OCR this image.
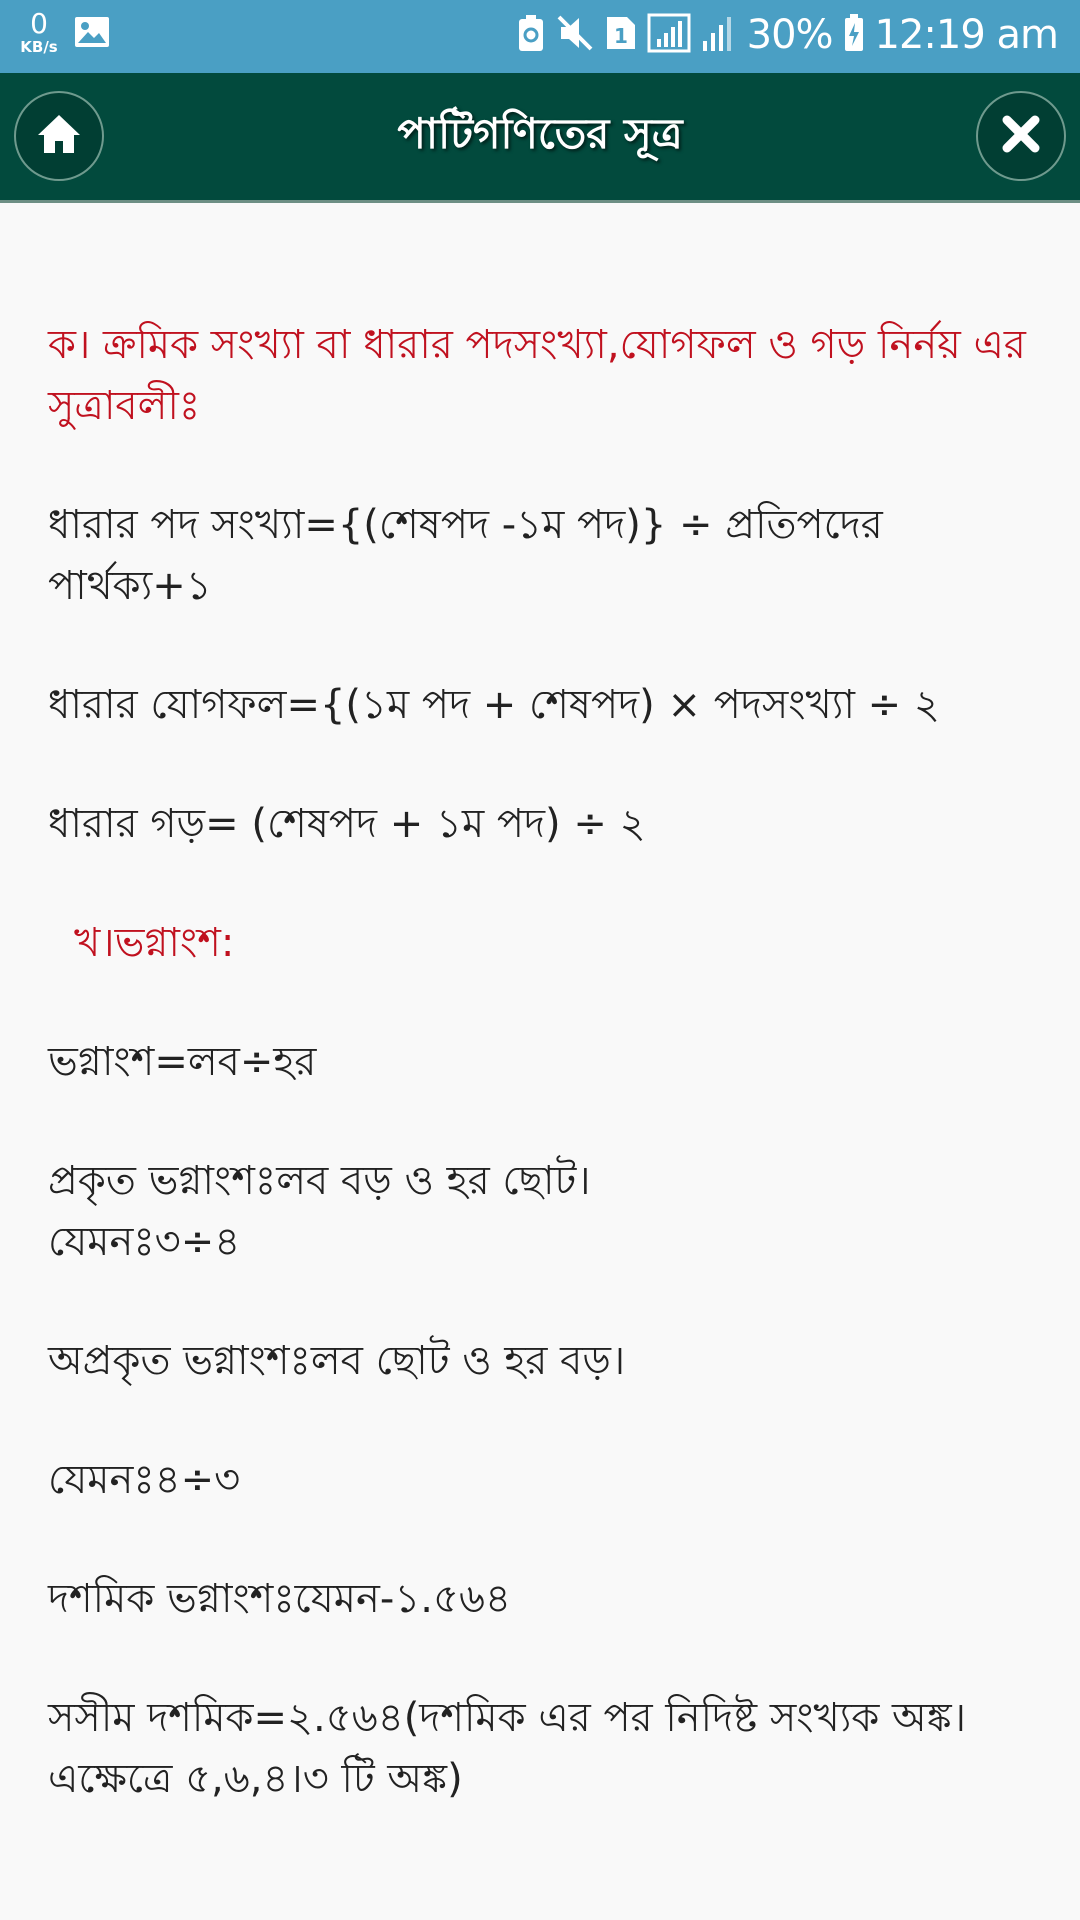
0
KB/s	1	30% 12:19 am
পাটিগণিতের সূত্র

ক। ক্রমিক সংখ্যা বা ধারার পদসংখ্যা,যোগফল ও গড় নির্নয় এর সুত্রাবলীঃ

ধারার পদ সংখ্যা={(শেষপদ -১ম পদ)} ÷ প্রতিপদের পার্থক্য+১

ধারার যোগফল={(১ম পদ + শেষপদ) × পদসংখ্যা ÷ ২

ধারার গড়= (শেষপদ + ১ম পদ) ÷ ২

খ।ভগ্নাংশ:

ভগ্নাংশ=লব÷হর

প্রকৃত ভগ্নাংশঃলব বড় ও হর ছোট।
যেমনঃ৩÷৪

অপ্রকৃত ভগ্নাংশঃলব ছোট ও হর বড়।

যেমনঃ৪÷৩

দশমিক ভগ্নাংশঃযেমন-১.৫৬৪

সসীম দশমিক=২.৫৬৪(দশমিক এর পর নিদিষ্ট সংখ্যক অঙ্ক।এক্ষেত্রে ৫,৬,৪।৩ টি অঙ্ক)
